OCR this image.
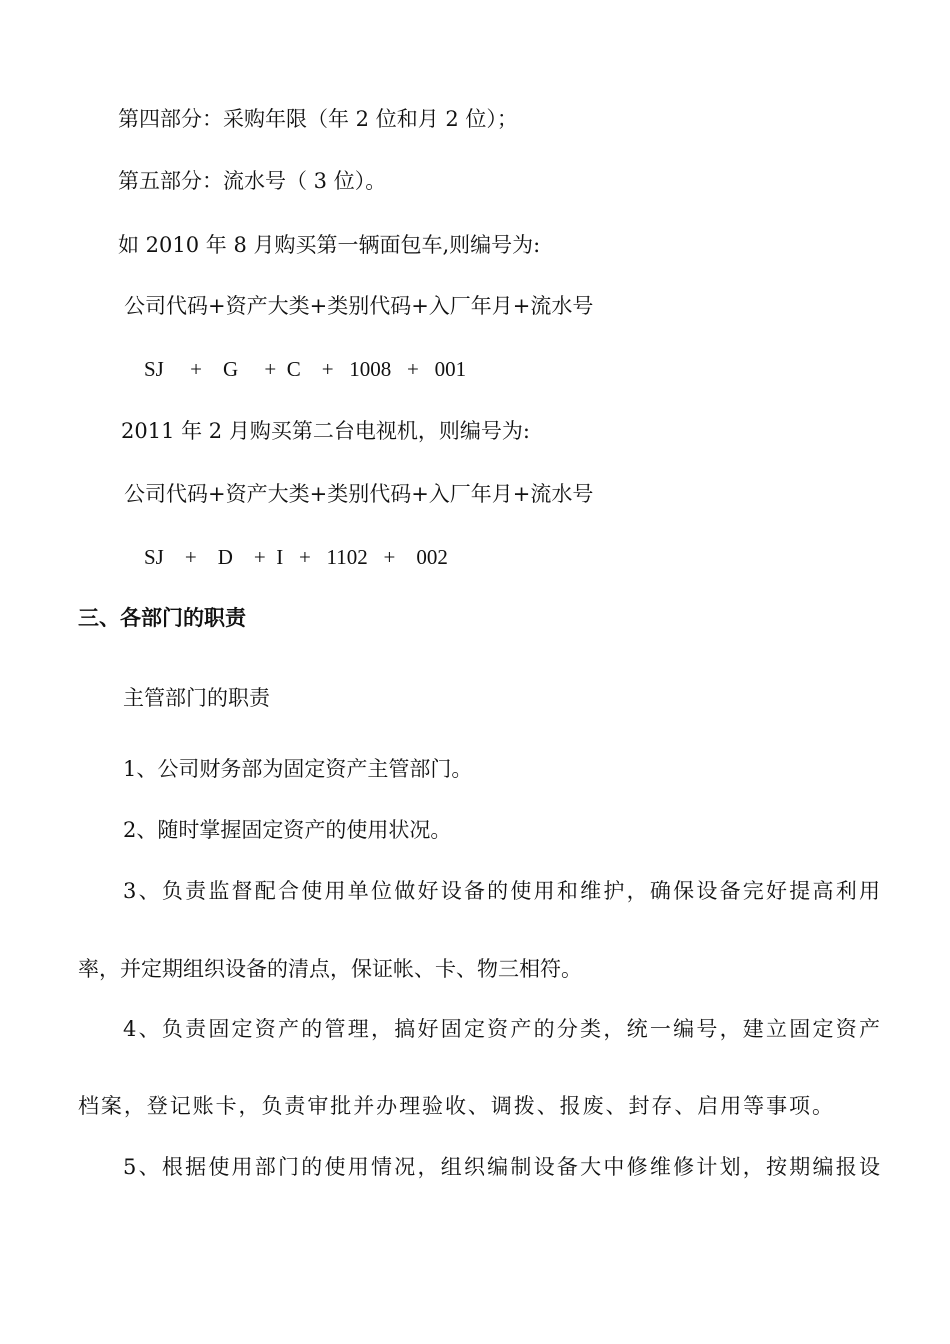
第四部分：采购年限（年 2 位和月 2 位）；
第五部分：流水号（ 3 位）。
如 2010 年 8 月购买第一辆面包车,则编号为:
公司代码+资产大类+类别代码+入厂年月+流水号
SJ     +    G     +  C    +   1008   +   001
2011 年 2 月购买第二台电视机，则编号为:
公司代码+资产大类+类别代码+入厂年月+流水号
SJ    +    D    +  I   +   1102   +    002
三、各部门的职责
主管部门的职责
1、公司财务部为固定资产主管部门。
2、随时掌握固定资产的使用状况。
3、负责监督配合使用单位做好设备的使用和维护，确保设备完好提高利用
率，并定期组织设备的清点，保证帐、卡、物三相符。
4、负责固定资产的管理，搞好固定资产的分类，统一编号，建立固定资产
档案，登记账卡，负责审批并办理验收、调拨、报废、封存、启用等事项。
5、根据使用部门的使用情况，组织编制设备大中修维修计划，按期编报设
